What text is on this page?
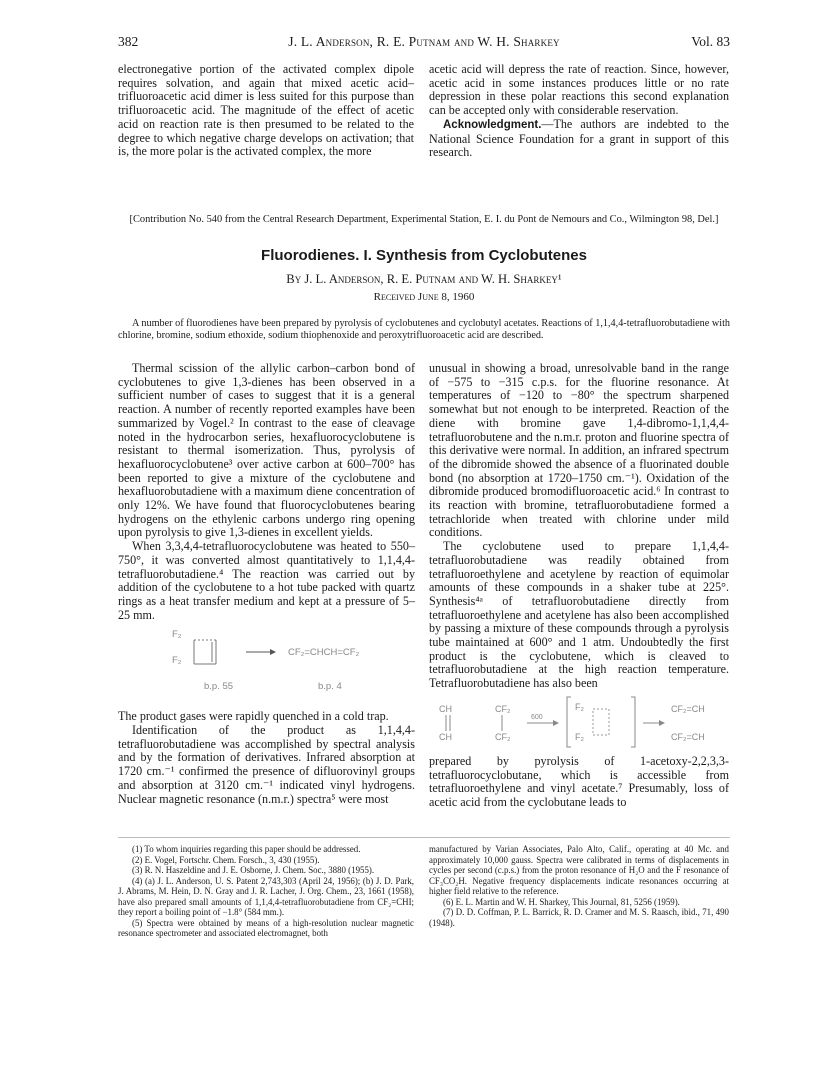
382	J. L. Anderson, R. E. Putnam and W. H. Sharkey	Vol. 83

electronegative portion of the activated complex dipole requires solvation, and again that mixed acetic acid–trifluoroacetic acid dimer is less suited for this purpose than trifluoroacetic acid. The magnitude of the effect of acetic acid on reaction rate is then presumed to be related to the degree to which negative charge develops on activation; that is, the more polar is the activated complex, the more

acetic acid will depress the rate of reaction. Since, however, acetic acid in some instances produces little or no rate depression in these polar reactions this second explanation can be accepted only with considerable reservation.

Acknowledgment.—The authors are indebted to the National Science Foundation for a grant in support of this research.

[Contribution No. 540 from the Central Research Department, Experimental Station, E. I. du Pont de Nemours and Co., Wilmington 98, Del.]
Fluorodienes. I. Synthesis from Cyclobutenes
By J. L. Anderson, R. E. Putnam and W. H. Sharkey¹
Received June 8, 1960
A number of fluorodienes have been prepared by pyrolysis of cyclobutenes and cyclobutyl acetates. Reactions of 1,1,4,4-tetrafluorobutadiene with chlorine, bromine, sodium ethoxide, sodium thiophenoxide and peroxytrifluoroacetic acid are described.

Thermal scission of the allylic carbon–carbon bond of cyclobutenes to give 1,3-dienes has been observed in a sufficient number of cases to suggest that it is a general reaction. A number of recently reported examples have been summarized by Vogel.² In contrast to the ease of cleavage noted in the hydrocarbon series, hexafluorocyclobutene is resistant to thermal isomerization. Thus, pyrolysis of hexafluorocyclobutene³ over active carbon at 600–700° has been reported to give a mixture of the cyclobutene and hexafluorobutadiene with a maximum diene concentration of only 12%. We have found that fluorocyclobutenes bearing hydrogens on the ethylenic carbons undergo ring opening upon pyrolysis to give 1,3-dienes in excellent yields.

When 3,3,4,4-tetrafluorocyclobutene was heated to 550–750°, it was converted almost quantitatively to 1,1,4,4-tetrafluorobutadiene.⁴ The reaction was carried out by addition of the cyclobutene to a hot tube packed with quartz rings as a heat transfer medium and kept at a pressure of 5–25 mm.

F₂
F₂
→ CF₂=CHCH=CF₂
b.p. 55	b.p. 4

The product gases were rapidly quenched in a cold trap.

Identification of the product as 1,1,4,4-tetrafluorobutadiene was accomplished by spectral analysis and by the formation of derivatives. Infrared absorption at 1720 cm.⁻¹ confirmed the presence of difluorovinyl groups and absorption at 3120 cm.⁻¹ indicated vinyl hydrogens. Nuclear magnetic resonance (n.m.r.) spectra⁵ were most

unusual in showing a broad, unresolvable band in the range of −575 to −315 c.p.s. for the fluorine resonance. At temperatures of −120 to −80° the spectrum sharpened somewhat but not enough to be interpreted. Reaction of the diene with bromine gave 1,4-dibromo-1,1,4,4-tetrafluorobutene and the n.m.r. proton and fluorine spectra of this derivative were normal. In addition, an infrared spectrum of the dibromide showed the absence of a fluorinated double bond (no absorption at 1720–1750 cm.⁻¹). Oxidation of the dibromide produced bromodifluoroacetic acid.⁶ In contrast to its reaction with bromine, tetrafluorobutadiene formed a tetrachloride when treated with chlorine under mild conditions.

The cyclobutene used to prepare 1,1,4,4-tetrafluorobutadiene was readily obtained from tetrafluoroethylene and acetylene by reaction of equimolar amounts of these compounds in a shaker tube at 225°. Synthesis⁴ᵃ of tetrafluorobutadiene directly from tetrafluoroethylene and acetylene has also been accomplished by passing a mixture of these compounds through a pyrolysis tube maintained at 600° and 1 atm. Undoubtedly the first product is the cyclobutene, which is cleaved to tetrafluorobutadiene at the high reaction temperature. Tetrafluorobutadiene has also been

CH
CH
CF₂
CF₂
600
F₂
F₂
CF₂=CH
CF₂=CH

prepared by pyrolysis of 1-acetoxy-2,2,3,3-tetrafluorocyclobutane, which is accessible from tetrafluoroethylene and vinyl acetate.⁷ Presumably, loss of acetic acid from the cyclobutane leads to

(1) To whom inquiries regarding this paper should be addressed.

(2) E. Vogel, Fortschr. Chem. Forsch., 3, 430 (1955).

(3) R. N. Haszeldine and J. E. Osborne, J. Chem. Soc., 3880 (1955).

(4) (a) J. L. Anderson, U. S. Patent 2,743,303 (April 24, 1956); (b) J. D. Park, J. Abrams, M. Hein, D. N. Gray and J. R. Lacher, J. Org. Chem., 23, 1661 (1958), have also prepared small amounts of 1,1,4,4-tetrafluorobutadiene from CF₂=CHI; they report a boiling point of −1.8° (584 mm.).

(5) Spectra were obtained by means of a high-resolution nuclear magnetic resonance spectrometer and associated electromagnet, both

manufactured by Varian Associates, Palo Alto, Calif., operating at 40 Mc. and approximately 10,000 gauss. Spectra were calibrated in terms of displacements in cycles per second (c.p.s.) from the proton resonance of H₂O and the F resonance of CF₃CO₂H. Negative frequency displacements indicate resonances occurring at higher field relative to the reference.

(6) E. L. Martin and W. H. Sharkey, This Journal, 81, 5256 (1959).

(7) D. D. Coffman, P. L. Barrick, R. D. Cramer and M. S. Raasch, ibid., 71, 490 (1948).
